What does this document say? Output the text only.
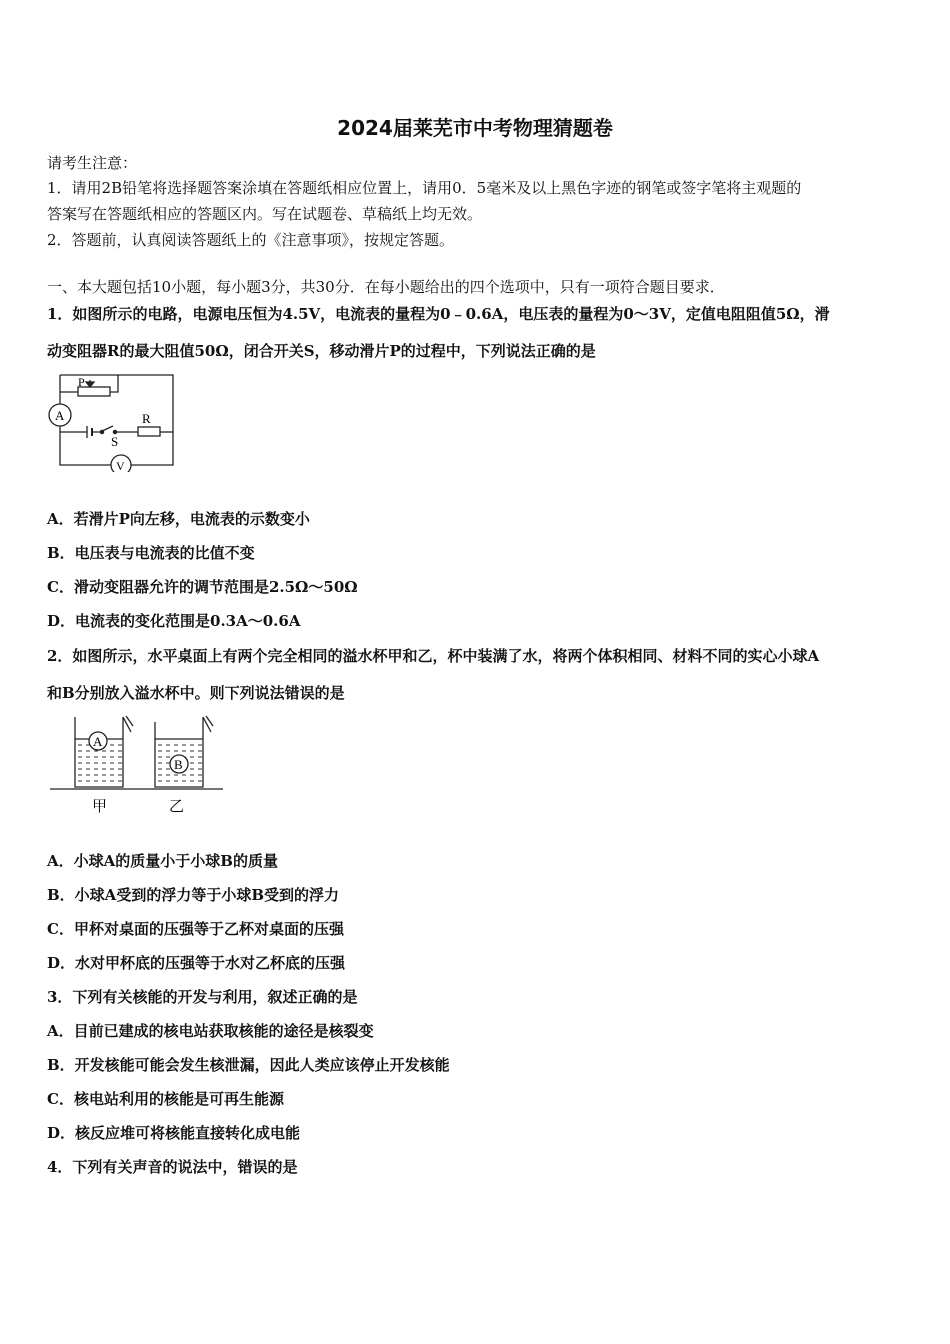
2024届莱芜市中考物理猜题卷
请考生注意：
1．请用2B铅笔将选择题答案涂填在答题纸相应位置上，请用0．5毫米及以上黑色字迹的钢笔或签字笔将主观题的
答案写在答题纸相应的答题区内。写在试题卷、草稿纸上均无效。
2．答题前，认真阅读答题纸上的《注意事项》，按规定答题。
一、本大题包括10小题，每小题3分，共30分．在每小题给出的四个选项中，只有一项符合题目要求．
1．如图所示的电路，电源电压恒为4.5V，电流表的量程为0﹣0.6A，电压表的量程为0～3V，定值电阻阻值5Ω，滑
动变阻器R的最大阻值50Ω，闭合开关S，移动滑片P的过程中，下列说法正确的是
P
A	R
S
V
A．若滑片P向左移，电流表的示数变小
B．电压表与电流表的比值不变
C．滑动变阻器允许的调节范围是2.5Ω～50Ω
D．电流表的变化范围是0.3A～0.6A
2．如图所示，水平桌面上有两个完全相同的溢水杯甲和乙，杯中装满了水，将两个体积相同、材料不同的实心小球A
和B分别放入溢水杯中。则下列说法错误的是
A
B
甲	乙
A．小球A的质量小于小球B的质量
B．小球A受到的浮力等于小球B受到的浮力
C．甲杯对桌面的压强等于乙杯对桌面的压强
D．水对甲杯底的压强等于水对乙杯底的压强
3．下列有关核能的开发与利用，叙述正确的是
A．目前已建成的核电站获取核能的途径是核裂变
B．开发核能可能会发生核泄漏，因此人类应该停止开发核能
C．核电站利用的核能是可再生能源
D．核反应堆可将核能直接转化成电能
4．下列有关声音的说法中，错误的是
